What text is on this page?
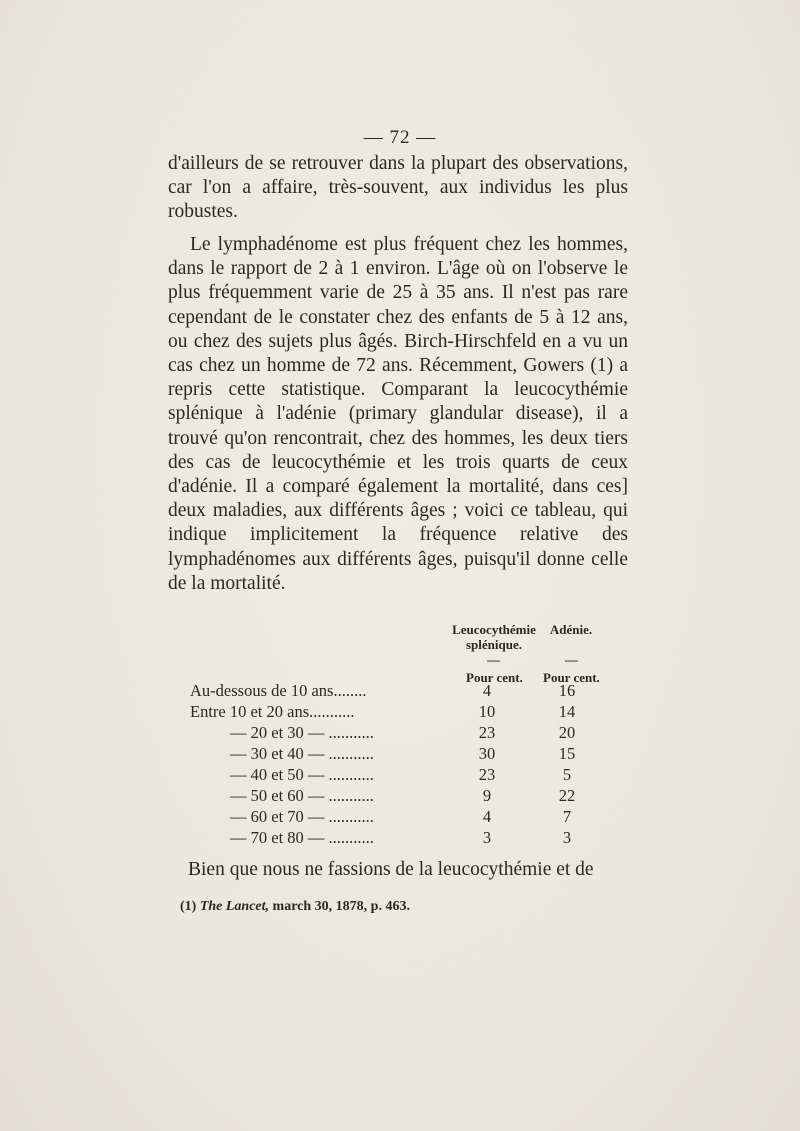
— 72 —

d'ailleurs de se retrouver dans la plupart des observations, car l'on a affaire, très-souvent, aux individus les plus robustes.

Le lymphadénome est plus fréquent chez les hommes, dans le rapport de 2 à 1 environ. L'âge où on l'observe le plus fréquemment varie de 25 à 35 ans. Il n'est pas rare cependant de le constater chez des enfants de 5 à 12 ans, ou chez des sujets plus âgés. Birch-Hirschfeld en a vu un cas chez un homme de 72 ans. Récemment, Gowers (1) a repris cette statistique. Comparant la leucocythémie splénique à l'adénie (primary glandular disease), il a trouvé qu'on rencontrait, chez des hommes, les deux tiers des cas de leucocythémie et les trois quarts de ceux d'adénie. Il a comparé également la mortalité, dans ces] deux maladies, aux différents âges ; voici ce tableau, qui indique implicitement la fréquence relative des lymphadénomes aux différents âges, puisqu'il donne celle de la mortalité.

Leucocythémie splénique.
Adénie.
—	—
Pour cent. Pour cent.
Au-dessous de 10 ans........	4	16
Entre 10 et 20 ans...........	10	14
— 20 et 30 — ...........	23	20
— 30 et 40 — ...........	30	15
— 40 et 50 — ...........	23	5
— 50 et 60 — ...........	9	22
— 60 et 70 — ...........	4	7
— 70 et 80 — ...........	3	3

Bien que nous ne fassions de la leucocythémie et de

(1) The Lancet, march 30, 1878, p. 463.
